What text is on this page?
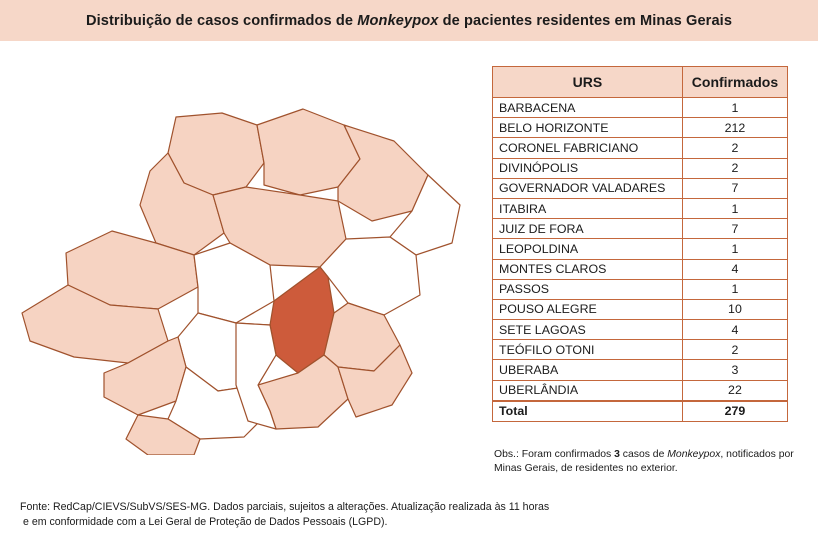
Distribuição de casos confirmados de Monkeypox de pacientes residentes em Minas Gerais
URS	Confirmados
BARBACENA	1
BELO HORIZONTE	212
CORONEL FABRICIANO	2
DIVINÓPOLIS	2
GOVERNADOR VALADARES	7
ITABIRA	1
JUIZ DE FORA	7
LEOPOLDINA	1
MONTES CLAROS	4
PASSOS	1
POUSO ALEGRE	10
SETE LAGOAS	4
TEÓFILO OTONI	2
UBERABA	3
UBERLÂNDIA	22
Total	279
Obs.: Foram confirmados 3 casos de Monkeypox, notificados por Minas Gerais, de residentes no exterior.
Fonte: RedCap/CIEVS/SubVS/SES-MG. Dados parciais, sujeitos a alterações. Atualização realizada às 11 horas
e em conformidade com a Lei Geral de Proteção de Dados Pessoais (LGPD).
